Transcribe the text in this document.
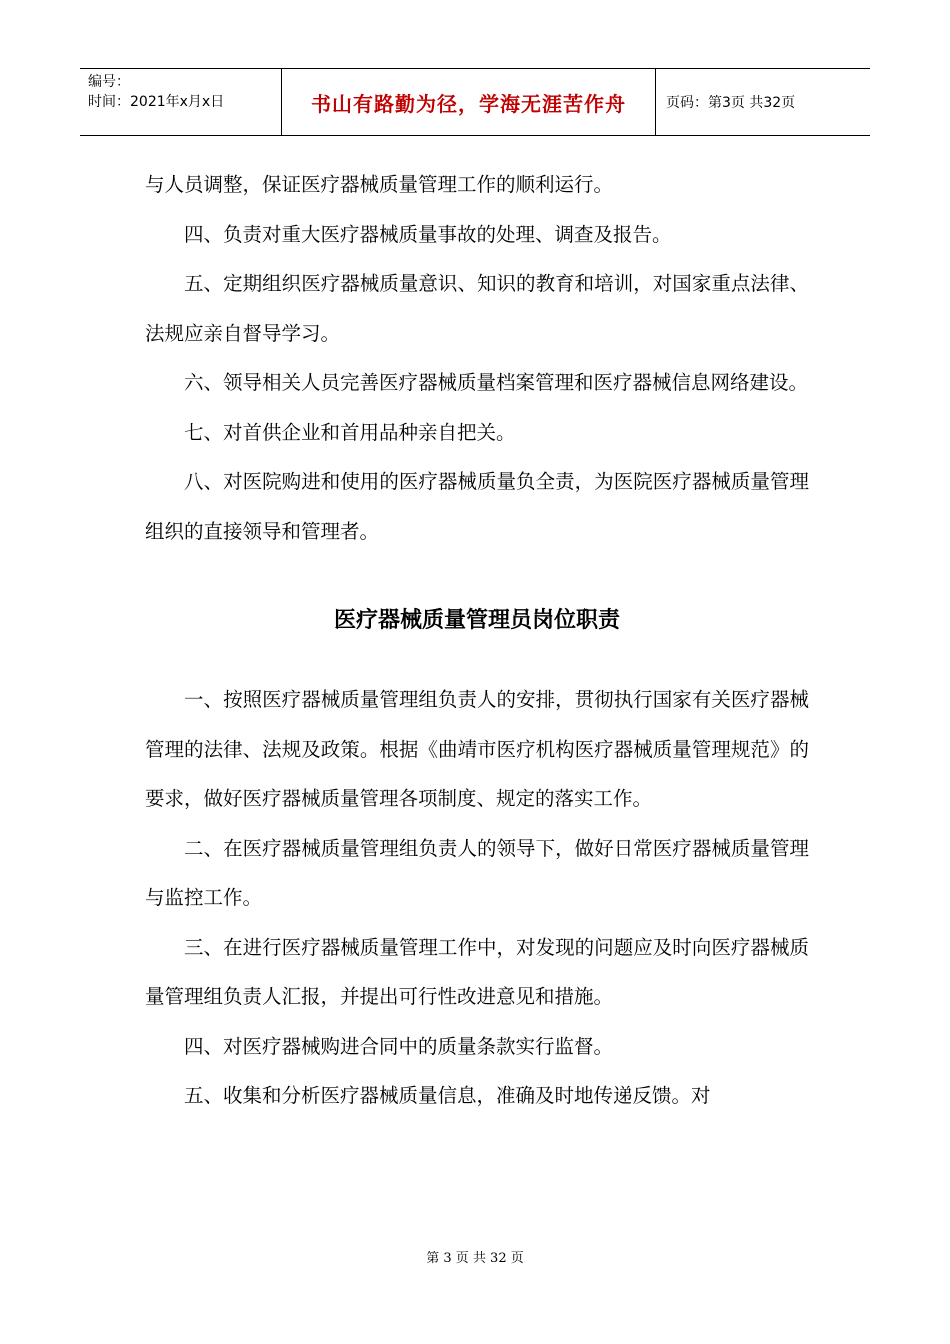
编号：
时间：2021年x月x日	书山有路勤为径，学海无涯苦作舟	页码：第3页 共32页

与人员调整，保证医疗器械质量管理工作的顺利运行。

四、负责对重大医疗器械质量事故的处理、调查及报告。

五、定期组织医疗器械质量意识、知识的教育和培训，对国家重点法律、法规应亲自督导学习。

六、领导相关人员完善医疗器械质量档案管理和医疗器械信息网络建设。

七、对首供企业和首用品种亲自把关。

八、对医院购进和使用的医疗器械质量负全责，为医院医疗器械质量管理组织的直接领导和管理者。

医疗器械质量管理员岗位职责

一、按照医疗器械质量管理组负责人的安排，贯彻执行国家有关医疗器械管理的法律、法规及政策。根据《曲靖市医疗机构医疗器械质量管理规范》的要求，做好医疗器械质量管理各项制度、规定的落实工作。

二、在医疗器械质量管理组负责人的领导下，做好日常医疗器械质量管理与监控工作。

三、在进行医疗器械质量管理工作中，对发现的问题应及时向医疗器械质量管理组负责人汇报，并提出可行性改进意见和措施。

四、对医疗器械购进合同中的质量条款实行监督。

五、收集和分析医疗器械质量信息，准确及时地传递反馈。对

第 3 页 共 32 页
